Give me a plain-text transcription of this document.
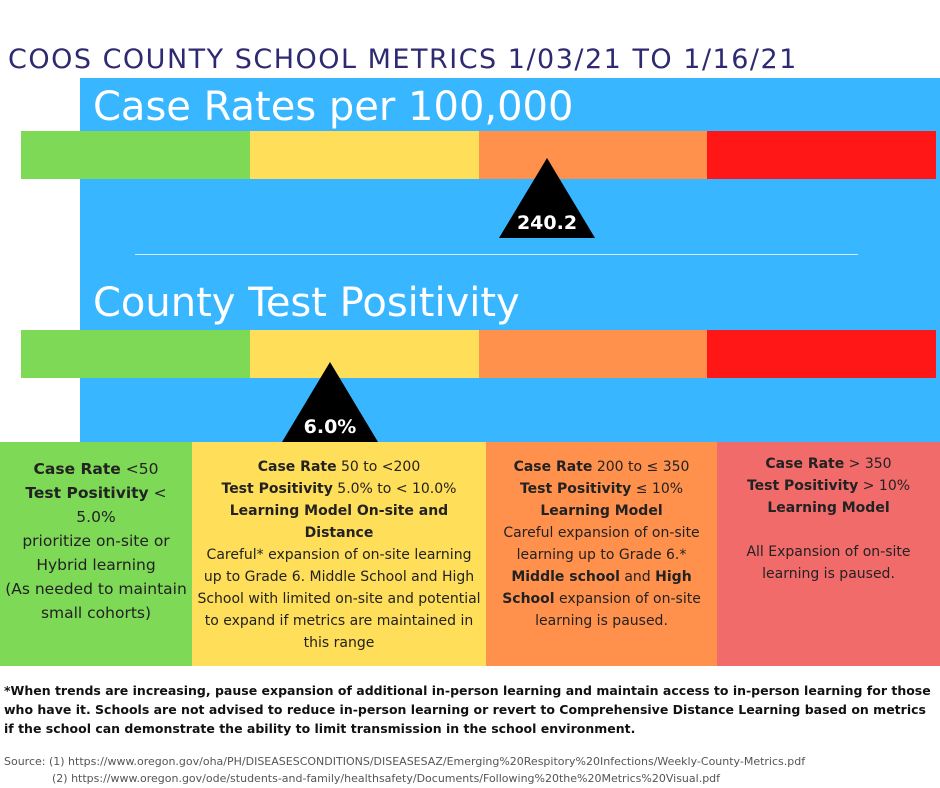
COOS COUNTY SCHOOL METRICS 1/03/21 TO 1/16/21
Case Rates per 100,000
240.2
County Test Positivity
6.0%

Case Rate <50

Test Positivity < 5.0%

prioritize on-site or

Hybrid learning

(As needed to maintain

small cohorts)

Case Rate 50 to <200

Test Positivity 5.0% to < 10.0%

Learning Model On-site and Distance

Careful* expansion of on-site learning up to Grade 6. Middle School and High School with limited on-site and potential to expand if metrics are maintained in this range

Case Rate 200 to ≤ 350

Test Positivity ≤ 10%

Learning Model

Careful expansion of on-site learning up to Grade 6.*

Middle school and High School expansion of on-site learning is paused.

Case Rate > 350

Test Positivity > 10%

Learning Model

All Expansion of on-site learning is paused.

*When trends are increasing, pause expansion of additional in-person learning and maintain access to in-person learning for those who have it. Schools are not advised to reduce in-person learning or revert to Comprehensive Distance Learning based on metrics if the school can demonstrate the ability to limit transmission in the school environment.
Source: (1) https://www.oregon.gov/oha/PH/DISEASESCONDITIONS/DISEASESAZ/Emerging%20Respitory%20Infections/Weekly-County-Metrics.pdf
(2) https://www.oregon.gov/ode/students-and-family/healthsafety/Documents/Following%20the%20Metrics%20Visual.pdf
